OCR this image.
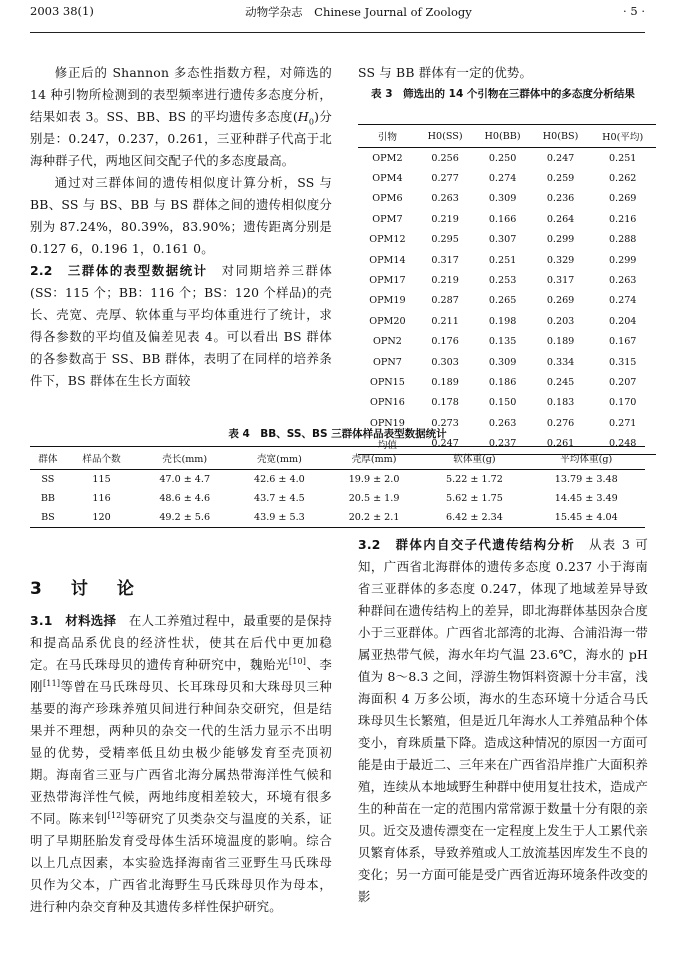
2003 38(1)	动物学杂志　Chinese Journal of Zoology	· 5 ·

修正后的 Shannon 多态性指数方程，对筛选的 14 种引物所检测到的表型频率进行遗传多态度分析，结果如表 3。SS、BB、BS 的平均遗传多态度$(H_0)$分别是：0.247，0.237，0.261，三亚种群子代高于北海种群子代，两地区间交配子代的多态度最高。

通过对三群体间的遗传相似度计算分析，SS 与 BB、SS 与 BS、BB 与 BS 群体之间的遗传相似度分别为 87.24%，80.39%，83.90%；遗传距离分别是 0.127 6，0.196 1，0.161 0。

2.2　 三群体的表型数据统计　 对同期培养三群体(SS：115 个；BB：116 个；BS：120 个样品)的壳长、壳宽、壳厚、软体重与平均体重进行了统计，求得各参数的平均值及偏差见表 4。可以看出 BS 群体的各参数高于 SS、BB 群体，表明了在同样的培养条件下，BS 群体在生长方面较

SS 与 BB 群体有一定的优势。

表 3　筛选出的 14 个引物在三群体中的多态度分析结果
引物	H0(SS)	H0(BB)	H0(BS)	H0(平均)
OPM2	0.256	0.250	0.247	0.251
OPM4	0.277	0.274	0.259	0.262
OPM6	0.263	0.309	0.236	0.269
OPM7	0.219	0.166	0.264	0.216
OPM12	0.295	0.307	0.299	0.288
OPM14	0.317	0.251	0.329	0.299
OPM17	0.219	0.253	0.317	0.263
OPM19	0.287	0.265	0.269	0.274
OPM20	0.211	0.198	0.203	0.204
OPN2	0.176	0.135	0.189	0.167
OPN7	0.303	0.309	0.334	0.315
OPN15	0.189	0.186	0.245	0.207
OPN16	0.178	0.150	0.183	0.170
OPN19	0.273	0.263	0.276	0.271
均值	0.247	0.237	0.261	0.248
表 4　BB、SS、BS 三群体样品表型数据统计
群体	样品个数	壳长(mm)	壳宽(mm)	壳厚(mm)	软体重(g)	平均体重(g)
SS	115	47.0 ± 4.7	42.6 ± 4.0	19.9 ± 2.0	5.22 ± 1.72	13.79 ± 3.48
BB	116	48.6 ± 4.6	43.7 ± 4.5	20.5 ± 1.9	5.62 ± 1.75	14.45 ± 3.49
BS	120	49.2 ± 5.6	43.9 ± 5.3	20.2 ± 2.1	6.42 ± 2.34	15.45 ± 4.04
3　讨　论

3.1　 材料选择　 在人工养殖过程中，最重要的是保持和提高品系优良的经济性状，使其在后代中更加稳定。在马氏珠母贝的遗传育种研究中，魏贻光[10]、李刚[11]等曾在马氏珠母贝、长耳珠母贝和大珠母贝三种基要的海产珍珠养殖贝间进行种间杂交研究，但是结果并不理想，两种贝的杂交一代的生活力显示不出明显的优势，受精率低且幼虫极少能够发育至壳顶初期。海南省三亚与广西省北海分属热带海洋性气候和亚热带海洋性气候，两地纬度相差较大，环境有很多不同。陈来钊[12]等研究了贝类杂交与温度的关系，证明了早期胚胎发育受母体生活环境温度的影响。综合以上几点因素，本实验选择海南省三亚野生马氏珠母贝作为父本，广西省北海野生马氏珠母贝作为母本，进行种内杂交育种及其遗传多样性保护研究。

3.2　 群体内自交子代遗传结构分析　 从表 3 可知，广西省北海群体的遗传多态度 0.237 小于海南省三亚群体的多态度 0.247，体现了地域差异导致种群间在遗传结构上的差异，即北海群体基因杂合度小于三亚群体。广西省北部湾的北海、合浦沿海一带属亚热带气候，海水年均气温 23.6℃，海水的 pH 值为 8～8.3 之间，浮游生物饵料资源十分丰富，浅海面积 4 万多公顷，海水的生态环境十分适合马氏珠母贝生长繁殖，但是近几年海水人工养殖品种个体变小，育珠质量下降。造成这种情况的原因一方面可能是由于最近二、三年来在广西省沿岸推广大面积养殖，连续从本地域野生种群中使用复壮技术，造成产生的种苗在一定的范围内常常源于数量十分有限的亲贝。近交及遗传漂变在一定程度上发生于人工累代亲贝繁育体系，导致养殖或人工放流基因库发生不良的变化；另一方面可能是受广西省近海环境条件改变的影
